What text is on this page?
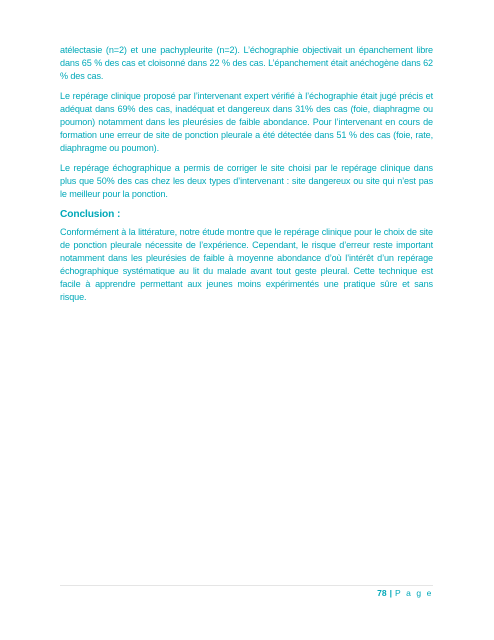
atélectasie (n=2) et une pachypleurite (n=2). L’échographie objectivait un épanchement libre dans 65 % des cas et cloisonné dans 22 % des cas. L’épanchement était anéchogène dans 62 % des cas.

Le repérage clinique proposé par l’intervenant expert vérifié à l’échographie était jugé précis et adéquat dans 69% des cas, inadéquat et dangereux dans 31% des cas (foie, diaphragme ou poumon) notamment dans les pleurésies de faible abondance. Pour l’intervenant en cours de formation une erreur de site de ponction pleurale a été détectée dans 51 % des cas (foie, rate, diaphragme ou poumon).

Le repérage échographique a permis de corriger le site choisi par le repérage clinique dans plus que 50% des cas chez les deux types d’intervenant : site dangereux ou site qui n’est pas le meilleur pour la ponction.

Conclusion :

Conformément à la littérature, notre étude montre que le repérage clinique pour le choix de site de ponction pleurale nécessite de l’expérience. Cependant, le risque d’erreur reste important notamment dans les pleurésies de faible à moyenne abondance d’où l’intérêt d’un repérage échographique systématique au lit du malade avant tout geste pleural. Cette technique est facile à apprendre permettant aux jeunes moins expérimentés une pratique sûre et sans risque.

78 | P a g e
